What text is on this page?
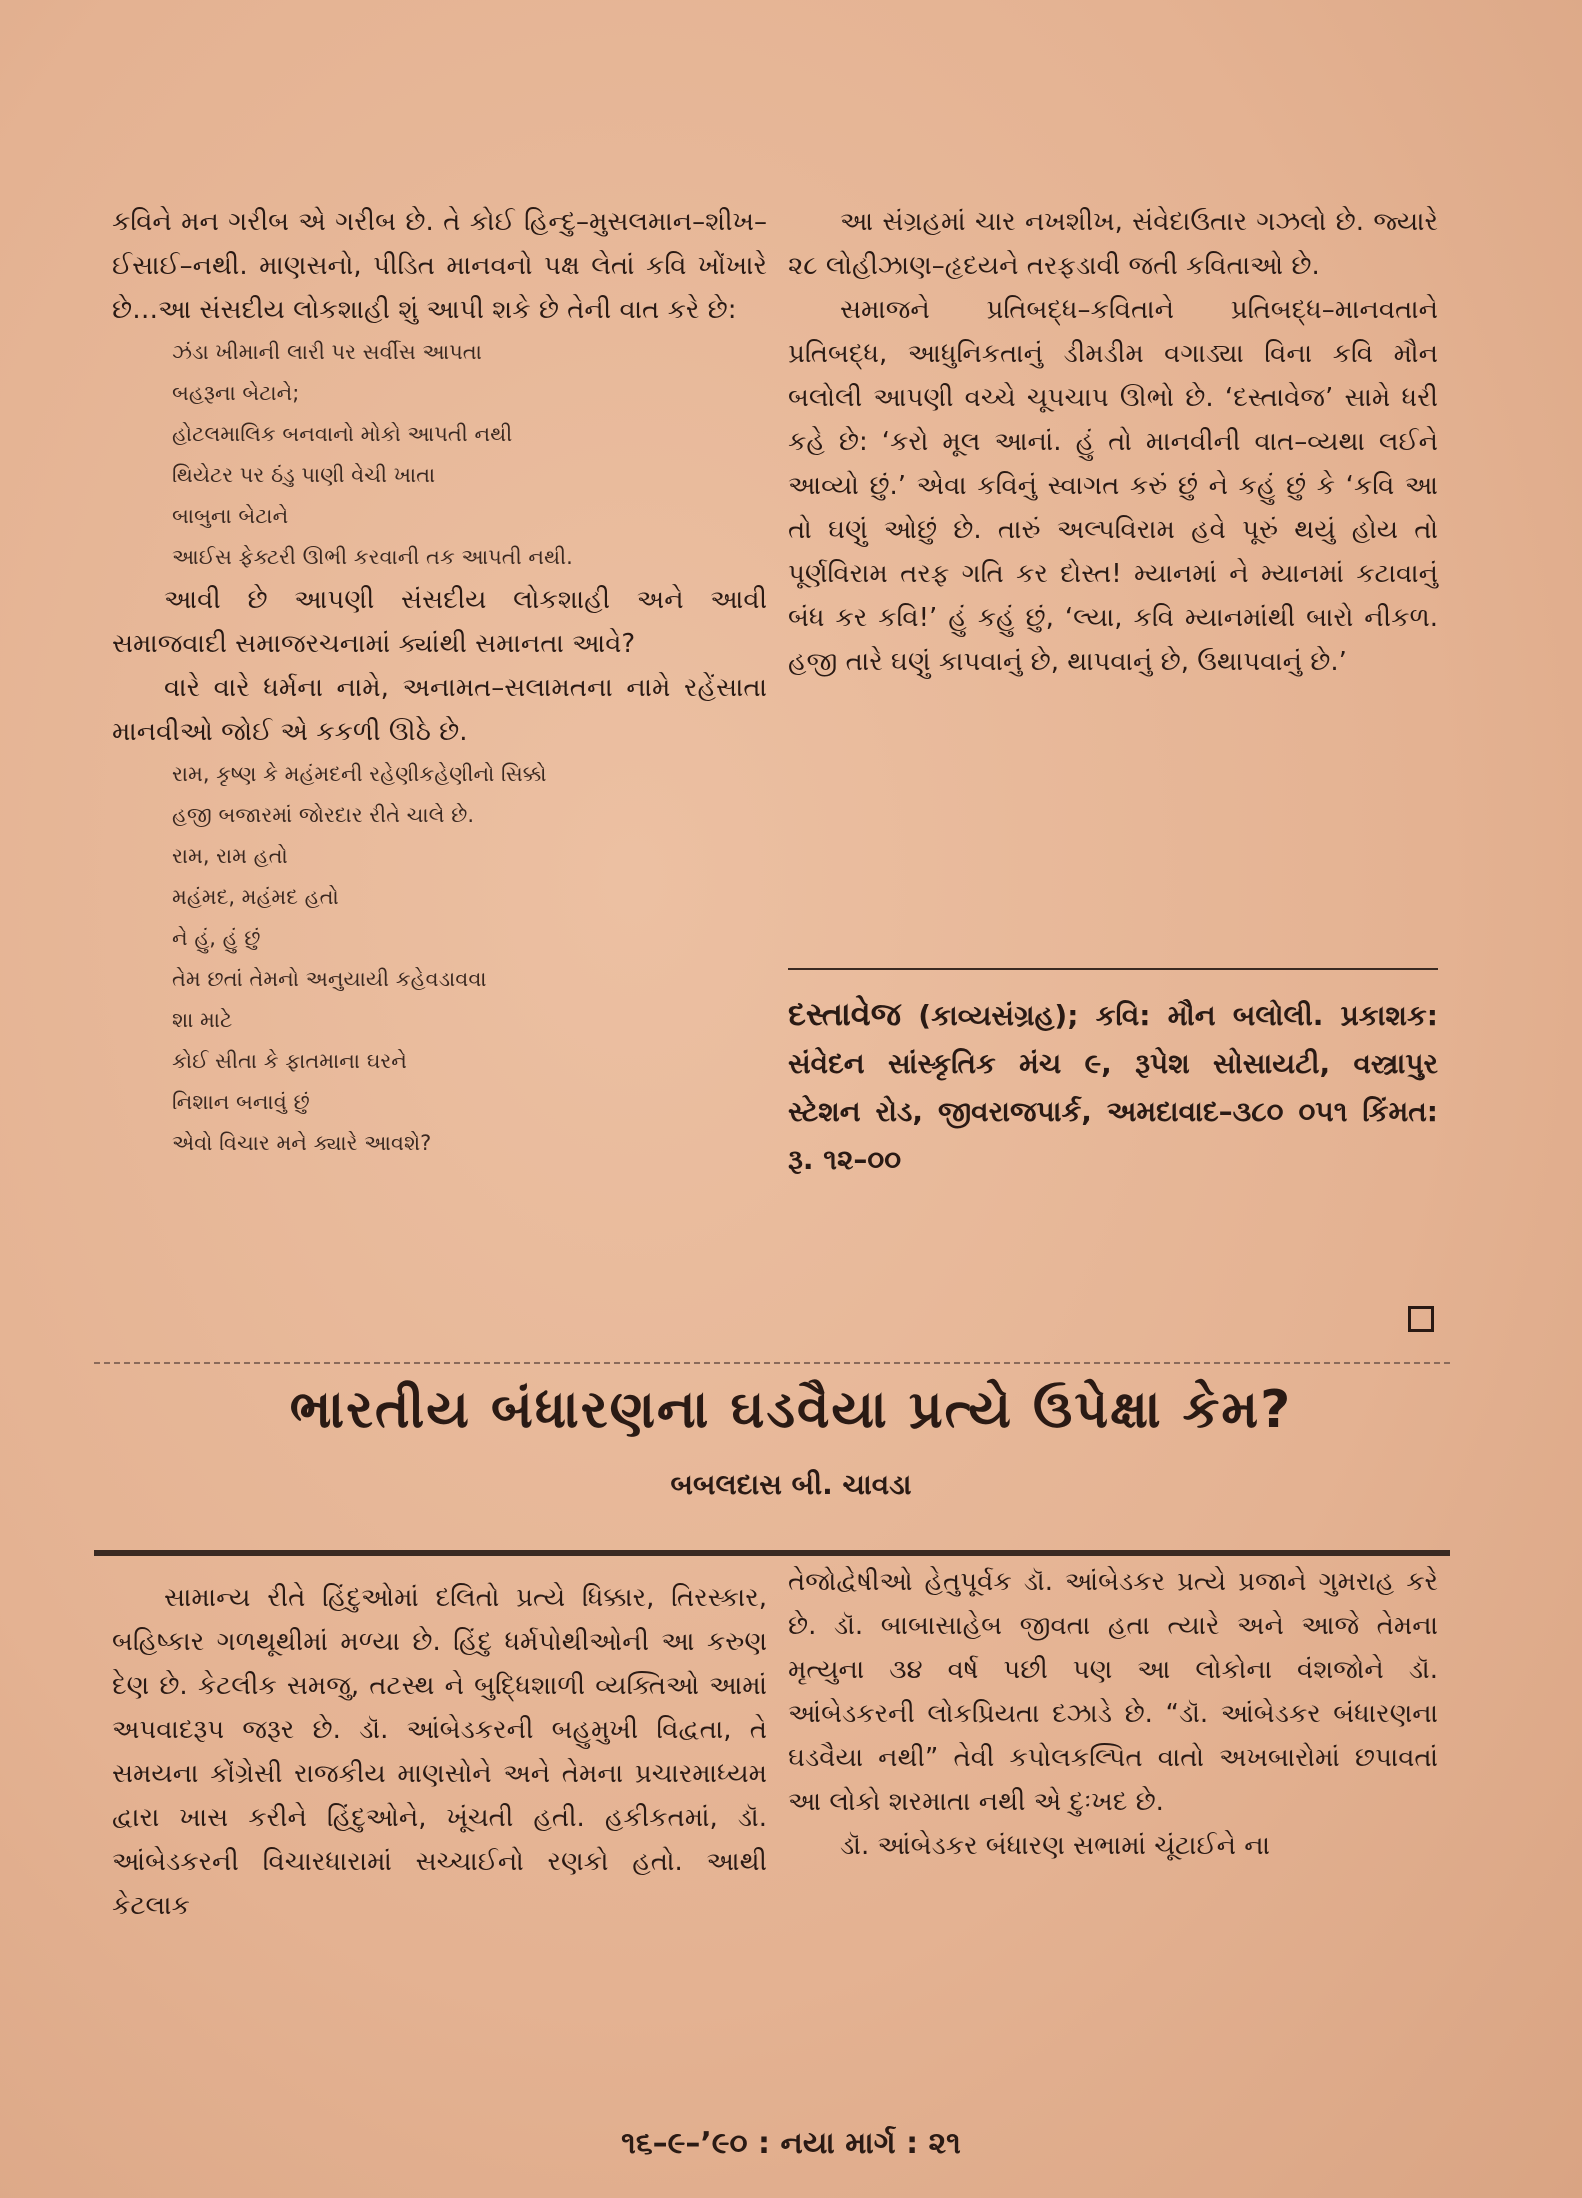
કવિને મન ગરીબ એ ગરીબ છે. તે કોઈ હિન્દુ–મુસલમાન–શીખ–ઈસાઈ–નથી. માણસનો, પીડિત માનવનો પક્ષ લેતાં કવિ ખોંખારે છે…આ સંસદીય લોકશાહી શું આપી શકે છે તેની વાત કરે છે:

ઝંડા ખીમાની લારી પર સર્વીસ આપતા
બહરૂના બેટાને;
હોટલમાલિક બનવાનો મોકો આપતી નથી
થિયેટર પર ઠંડુ પાણી વેચી ખાતા
બાબુના બેટાને
આઈસ ફેક્ટરી ઊભી કરવાની તક આપતી નથી.

આવી છે આપણી સંસદીય લોકશાહી અને આવી સમાજવાદી સમાજરચનામાં ક્યાંથી સમાનતા આવે?

વારે વારે ધર્મના નામે, અનામત–સલામતના નામે રહેંસાતા માનવીઓ જોઈ એ કકળી ઊઠે છે.

રામ, કૃષ્ણ કે મહંમદની રહેણીકહેણીનો સિક્કો
હજી બજારમાં જોરદાર રીતે ચાલે છે.
રામ, રામ હતો
મહંમદ, મહંમદ હતો
ને હું, હું છું
તેમ છતાં તેમનો અનુયાયી કહેવડાવવા
શા માટે
કોઈ સીતા કે ફાતમાના ઘરને
નિશાન બનાવું છું
એવો વિચાર મને ક્યારે આવશે?

આ સંગ્રહમાં ચાર નખશીખ, સંવેદાઉતાર ગઝલો છે. જ્યારે ૨૮ લોહીઝાણ–હૃદયને તરફડાવી જતી કવિતાઓ છે.

સમાજને પ્રતિબદ્ધ–કવિતાને પ્રતિબદ્ધ–માનવતાને પ્રતિબદ્ધ, આધુનિકતાનું ડીમડીમ વગાડ્યા વિના કવિ મૌન બલોલી આપણી વચ્ચે ચૂપચાપ ઊભો છે. ‘દસ્તાવેજ’ સામે ધરી કહે છે: ‘કરો મૂલ આનાં. હું તો માનવીની વાત–વ્યથા લઈને આવ્યો છું.’ એવા કવિનું સ્વાગત કરું છું ને કહું છું કે ‘કવિ આ તો ઘણું ઓછું છે. તારું અલ્પવિરામ હવે પૂરું થયું હોય તો પૂર્ણવિરામ તરફ ગતિ કર દોસ્ત! મ્યાનમાં ને મ્યાનમાં કટાવાનું બંધ કર કવિ!’ હું કહું છું, ‘લ્યા, કવિ મ્યાનમાંથી બારો નીકળ. હજી તારે ઘણું કાપવાનું છે, થાપવાનું છે, ઉથાપવાનું છે.’

દસ્તાવેજ (કાવ્યસંગ્રહ); કવિ: મૌન બલોલી. પ્રકાશક: સંવેદન સાંસ્કૃતિક મંચ ૯, રૂપેશ સોસાયટી, વસ્ત્રાપુર સ્ટેશન રોડ, જીવરાજપાર્ક, અમદાવાદ–૩૮૦ ૦૫૧ કિંમત: રૂ. ૧૨–૦૦
ભારતીય બંધારણના ઘડવૈયા પ્રત્યે ઉપેક્ષા કેમ?
બબલદાસ બી. ચાવડા

સામાન્ય રીતે હિંદુઓમાં દલિતો પ્રત્યે ધિક્કાર, તિરસ્કાર, બહિષ્કાર ગળથૂથીમાં મળ્યા છે. હિંદુ ધર્મપોથીઓની આ કરુણ દેણ છે. કેટલીક સમજુ, તટસ્થ ને બુદ્ધિશાળી વ્યક્તિઓ આમાં અપવાદરૂપ જરૂર છે. ડૉ. આંબેડકરની બહુમુખી વિદ્વતા, તે સમયના કોંગ્રેસી રાજકીય માણસોને અને તેમના પ્રચારમાધ્યમ દ્વારા ખાસ કરીને હિંદુઓને, ખૂંચતી હતી. હકીકતમાં, ડૉ. આંબેડકરની વિચારધારામાં સચ્ચાઈનો રણકો હતો. આથી કેટલાક

તેજોદ્વેષીઓ હેતુપૂર્વક ડૉ. આંબેડકર પ્રત્યે પ્રજાને ગુમરાહ કરે છે. ડૉ. બાબાસાહેબ જીવતા હતા ત્યારે અને આજે તેમના મૃત્યુના ૩૪ વર્ષ પછી પણ આ લોકોના વંશજોને ડૉ. આંબેડકરની લોકપ્રિયતા દઝાડે છે. “ડૉ. આંબેડકર બંધારણના ઘડવૈયા નથી” તેવી કપોલકલ્પિત વાતો અખબારોમાં છપાવતાં આ લોકો શરમાતા નથી એ દુઃખદ છે.

ડૉ. આંબેડકર બંધારણ સભામાં ચૂંટાઈને ના

૧૬–૯–’૯૦ : નયા માર્ગ : ૨૧
